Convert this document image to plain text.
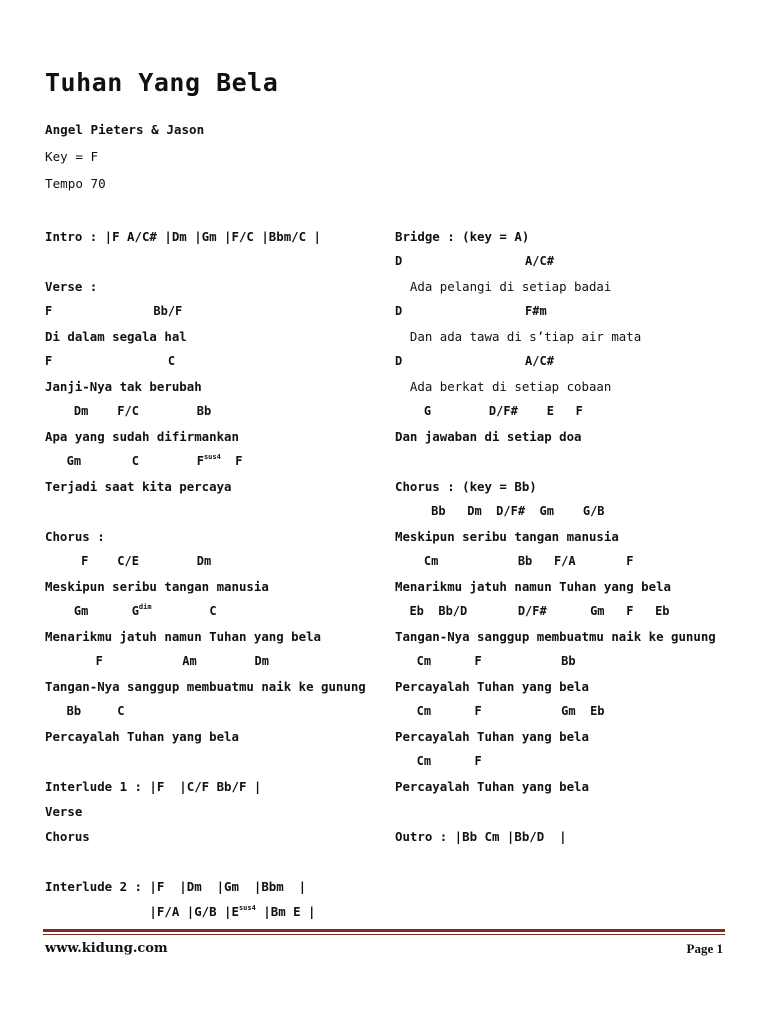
Tuhan Yang Bela
Angel Pieters & Jason
Key = F
Tempo 70
Intro : |F A/C# |Dm |Gm |F/C |Bbm/C |
Verse :
F              Bb/F
Di dalam segala hal
F                C
Janji-Nya tak berubah
Dm    F/C        Bb
Apa yang sudah difirmankan
Gm       C        $F^{sus4}$  F
Terjadi saat kita percaya
Chorus :
F    C/E        Dm
Meskipun seribu tangan manusia
Gm      $G^{dim}$        C
Menarikmu jatuh namun Tuhan yang bela
F           Am        Dm
Tangan-Nya sanggup membuatmu naik ke gunung
Bb     C
Percayalah Tuhan yang bela
Interlude 1 : |F  |C/F Bb/F |
Verse
Chorus
Interlude 2 : |F  |Dm  |Gm  |Bbm  |
|F/A |G/B $|E^{sus4}$ |Bm E |
Bridge : (key = A)
D                 A/C#
Ada pelangi di setiap badai
D                 F#m
Dan ada tawa di s’tiap air mata
D                 A/C#
Ada berkat di setiap cobaan
G        D/F#    E   F
Dan jawaban di setiap doa
Chorus : (key = Bb)
Bb   Dm  D/F#  Gm    G/B
Meskipun seribu tangan manusia
Cm           Bb   F/A       F
Menarikmu jatuh namun Tuhan yang bela
Eb  Bb/D       D/F#      Gm   F   Eb
Tangan-Nya sanggup membuatmu naik ke gunung
Cm      F           Bb
Percayalah Tuhan yang bela
Cm      F           Gm  Eb
Percayalah Tuhan yang bela
Cm      F
Percayalah Tuhan yang bela
Outro : |Bb Cm |Bb/D  |
www.kidung.com	Page 1
